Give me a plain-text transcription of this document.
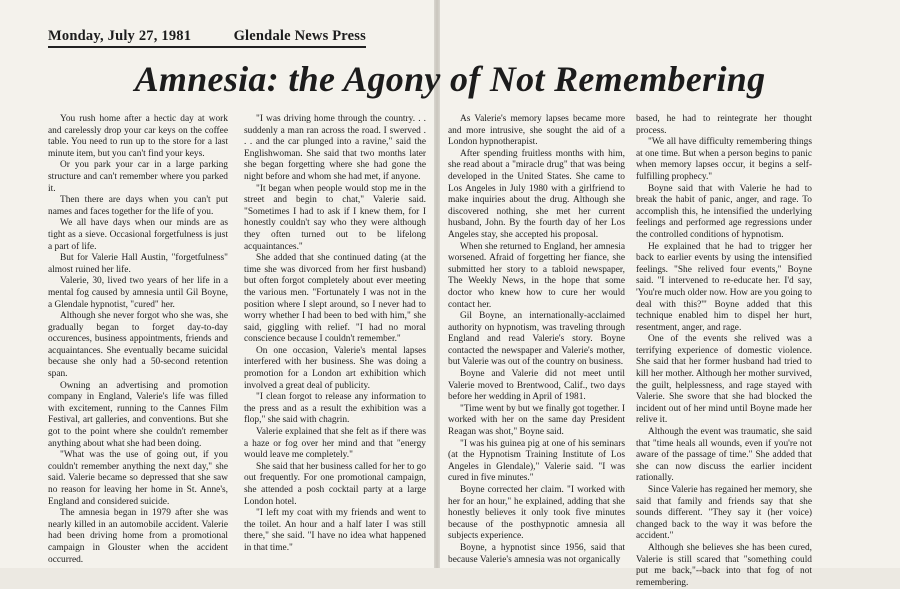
Monday, July 27, 1981	Glendale News Press
Amnesia: the Agony of Not Remembering

You rush home after a hectic day at work and carelessly drop your car keys on the coffee table. You need to run up to the store for a last minute item, but you can't find your keys.

Or you park your car in a large parking structure and can't remember where you parked it.

Then there are days when you can't put names and faces together for the life of you.

We all have days when our minds are as tight as a sieve. Occasional forgetfulness is just a part of life.

But for Valerie Hall Austin, "forgetfulness" almost ruined her life.

Valerie, 30, lived two years of her life in a mental fog caused by amnesia until Gil Boyne, a Glendale hypnotist, "cured" her.

Although she never forgot who she was, she gradually began to forget day-to-day occurences, business appointments, friends and acquaintances. She eventually became suicidal because she only had a 50-second retention span.

Owning an advertising and promotion company in England, Valerie's life was filled with excitement, running to the Cannes Film Festival, art galleries, and conventions. But she got to the point where she couldn't remember anything about what she had been doing.

"What was the use of going out, if you couldn't remember anything the next day," she said. Valerie became so depressed that she saw no reason for leaving her home in St. Anne's, England and considered suicide.

The amnesia began in 1979 after she was nearly killed in an automobile accident. Valerie had been driving home from a promotional campaign in Glouster when the accident occurred.

"I was driving home through the country. . . suddenly a man ran across the road. I swerved . . . and the car plunged into a ravine," said the Englishwoman. She said that two months later she began forgetting where she had gone the night before and whom she had met, if anyone.

"It began when people would stop me in the street and begin to chat," Valerie said. "Sometimes I had to ask if I knew them, for I honestly couldn't say who they were although they often turned out to be lifelong acquaintances."

She added that she continued dating (at the time she was divorced from her first husband) but often forgot completely about ever meeting the various men. "Fortunately I was not in the position where I slept around, so I never had to worry whether I had been to bed with him," she said, giggling with relief. "I had no moral conscience because I couldn't remember."

On one occasion, Valerie's mental lapses interfered with her business. She was doing a promotion for a London art exhibition which involved a great deal of publicity.

"I clean forgot to release any information to the press and as a result the exhibition was a flop," she said with chagrin.

Valerie explained that she felt as if there was a haze or fog over her mind and that "energy would leave me completely."

She said that her business called for her to go out frequently. For one promotional campaign, she attended a posh cocktail party at a large London hotel.

"I left my coat with my friends and went to the toilet. An hour and a half later I was still there," she said. "I have no idea what happened in that time."

As Valerie's memory lapses became more and more intrusive, she sought the aid of a London hypnotherapist.

After spending fruitless months with him, she read about a "miracle drug" that was being developed in the United States. She came to Los Angeles in July 1980 with a girlfriend to make inquiries about the drug. Although she discovered nothing, she met her current husband, John. By the fourth day of her Los Angeles stay, she accepted his proposal.

When she returned to England, her amnesia worsened. Afraid of forgetting her fiance, she submitted her story to a tabloid newspaper, The Weekly News, in the hope that some doctor who knew how to cure her would contact her.

Gil Boyne, an internationally-acclaimed authority on hypnotism, was traveling through England and read Valerie's story. Boyne contacted the newspaper and Valerie's mother, but Valerie was out of the country on business.

Boyne and Valerie did not meet until Valerie moved to Brentwood, Calif., two days before her wedding in April of 1981.

"Time went by but we finally got together. I worked with her on the same day President Reagan was shot," Boyne said.

"I was his guinea pig at one of his seminars (at the Hypnotism Training Institute of Los Angeles in Glendale)," Valerie said. "I was cured in five minutes."

Boyne corrected her claim. "I worked with her for an hour," he explained, adding that she honestly believes it only took five minutes because of the posthypnotic amnesia all subjects experience.

Boyne, a hypnotist since 1956, said that because Valerie's amnesia was not organically

based, he had to reintegrate her thought process.

"We all have difficulty remembering things at one time. But when a person begins to panic when memory lapses occur, it begins a self-fulfilling prophecy."

Boyne said that with Valerie he had to break the habit of panic, anger, and rage. To accomplish this, he intensified the underlying feelings and performed age regressions under the controlled conditions of hypnotism.

He explained that he had to trigger her back to earlier events by using the intensified feelings. "She relived four events," Boyne said. "I intervened to re-educate her. I'd say, 'You're much older now. How are you going to deal with this?'" Boyne added that this technique enabled him to dispel her hurt, resentment, anger, and rage.

One of the events she relived was a terrifying experience of domestic violence. She said that her former husband had tried to kill her mother. Although her mother survived, the guilt, helplessness, and rage stayed with Valerie. She swore that she had blocked the incident out of her mind until Boyne made her relive it.

Although the event was traumatic, she said that "time heals all wounds, even if you're not aware of the passage of time." She added that she can now discuss the earlier incident rationally.

Since Valerie has regained her memory, she said that family and friends say that she sounds different. "They say it (her voice) changed back to the way it was before the accident."

Although she believes she has been cured, Valerie is still scared that "something could put me back,"--back into that fog of not remembering.
